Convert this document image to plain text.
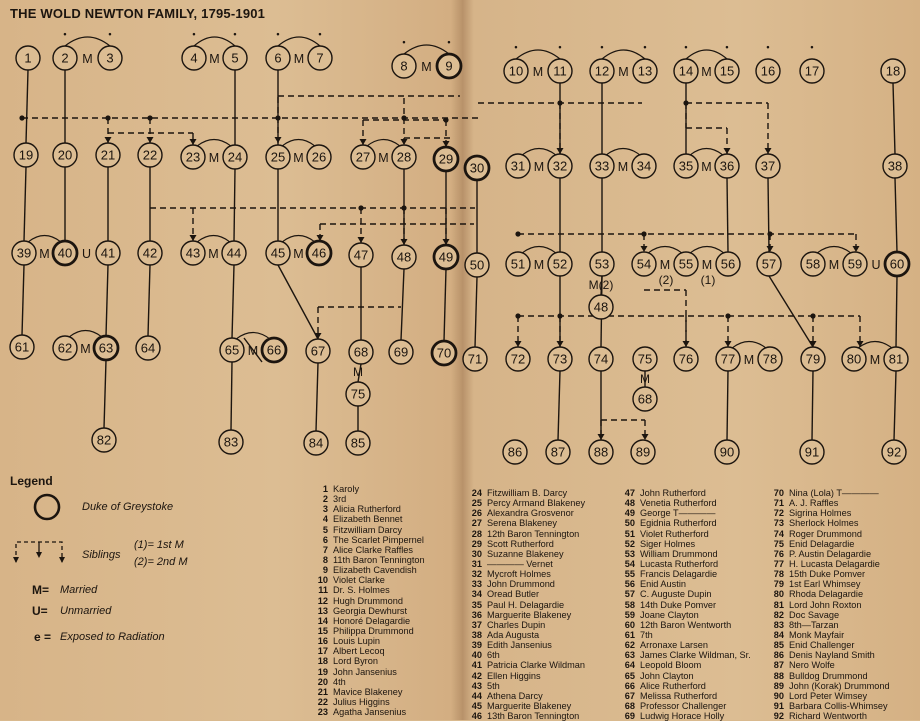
THE WOLD NEWTON FAMILY, 1795-1901
1 2
•
3
•
4
•
5
•
6
•
7
•
8
•
9
•
10
•
11
•
12
•
13
•
14
•
15
•
16
•
17
•
18
19 20 21 22 23 24 25 26 27 28 29
30 31 32 33 34 35 36 37	38
39 40 41 42 43 44 45 46 47 48 49
50 51 52 53 54 55 56 57 58 59 60
61 62 63 64	65 66 67 68 69 70 71 72 73 74 75 76 77 78 79 80 81
82	83	84 85
86 87 88 89	90	91	92
48
75	68
M	M	M
M	M	M	M
M	M	M
M	M	M
M	U	M	M
M	M	M	M	U
M	M
M	M
M(2)	(2) (1)
M	M
Legend
Duke of Greystoke
Siblings
(1)= 1st M
(2)= 2nd M
M= Married
U= Unmarried
e = Exposed to Radiation
1 Karoly
2 3rd
3 Alicia Rutherford
4 Elizabeth Bennet
5 Fitzwilliam Darcy
6 The Scarlet Pimpernel
7 Alice Clarke Raffles
8 11th Baron Tennington
9 Elizabeth Cavendish
10 Violet Clarke
11 Dr. S. Holmes
12 Hugh Drummond
13 Georgia Dewhurst
14 Honoré Delagardie
15 Philippa Drummond
16 Louis Lupin
17 Albert Lecoq
18 Lord Byron
19 John Jansenius
20 4th
21 Mavice Blakeney
22 Julius Higgins
23 Agatha Jansenius
24 Fitzwilliam B. Darcy
25 Percy Armand Blakeney
26 Alexandra Grosvenor
27 Serena Blakeney
28 12th Baron Tennington
29 Scott Rutherford
30 Suzanne Blakeney
31 ———— Vernet
32 Mycroft Holmes
33 John Drummond
34 Oread Butler
35 Paul H. Delagardie
36 Marguerite Blakeney
37 Charles Dupin
38 Ada Augusta
39 Edith Jansenius
40 6th
41 Patricia Clarke Wildman
42 Ellen Higgins
43 5th
44 Athena Darcy
45 Marguerite Blakeney
46 13th Baron Tennington
47 John Rutherford
48 Venetia Rutherford
49 George T————
50 Egidnia Rutherford
51 Violet Rutherford
52 Siger Holmes
53 William Drummond
54 Lucasta Rutherford
55 Francis Delagardie
56 Enid Austin
57 C. Auguste Dupin
58 14th Duke Pomver
59 Joane Clayton
60 12th Baron Wentworth
61 7th
62 Arronaxe Larsen
63 James Clarke Wildman, Sr.
64 Leopold Bloom
65 John Clayton
66 Alice Rutherford
67 Melissa Rutherford
68 Professor Challenger
69 Ludwig Horace Holly
70 Nina (Lola) T————
71 A. J. Raffles
72 Sigrina Holmes
73 Sherlock Holmes
74 Roger Drummond
75 Enid Delagardie
76 P. Austin Delagardie
77 H. Lucasta Delagardie
78 15th Duke Pomver
79 1st Earl Whimsey
80 Rhoda Delagardie
81 Lord John Roxton
82 Doc Savage
83 8th—Tarzan
84 Monk Mayfair
85 Enid Challenger
86 Denis Nayland Smith
87 Nero Wolfe
88 Bulldog Drummond
89 John (Korak) Drummond
90 Lord Peter Wimsey
91 Barbara Collis-Whimsey
92 Richard Wentworth
